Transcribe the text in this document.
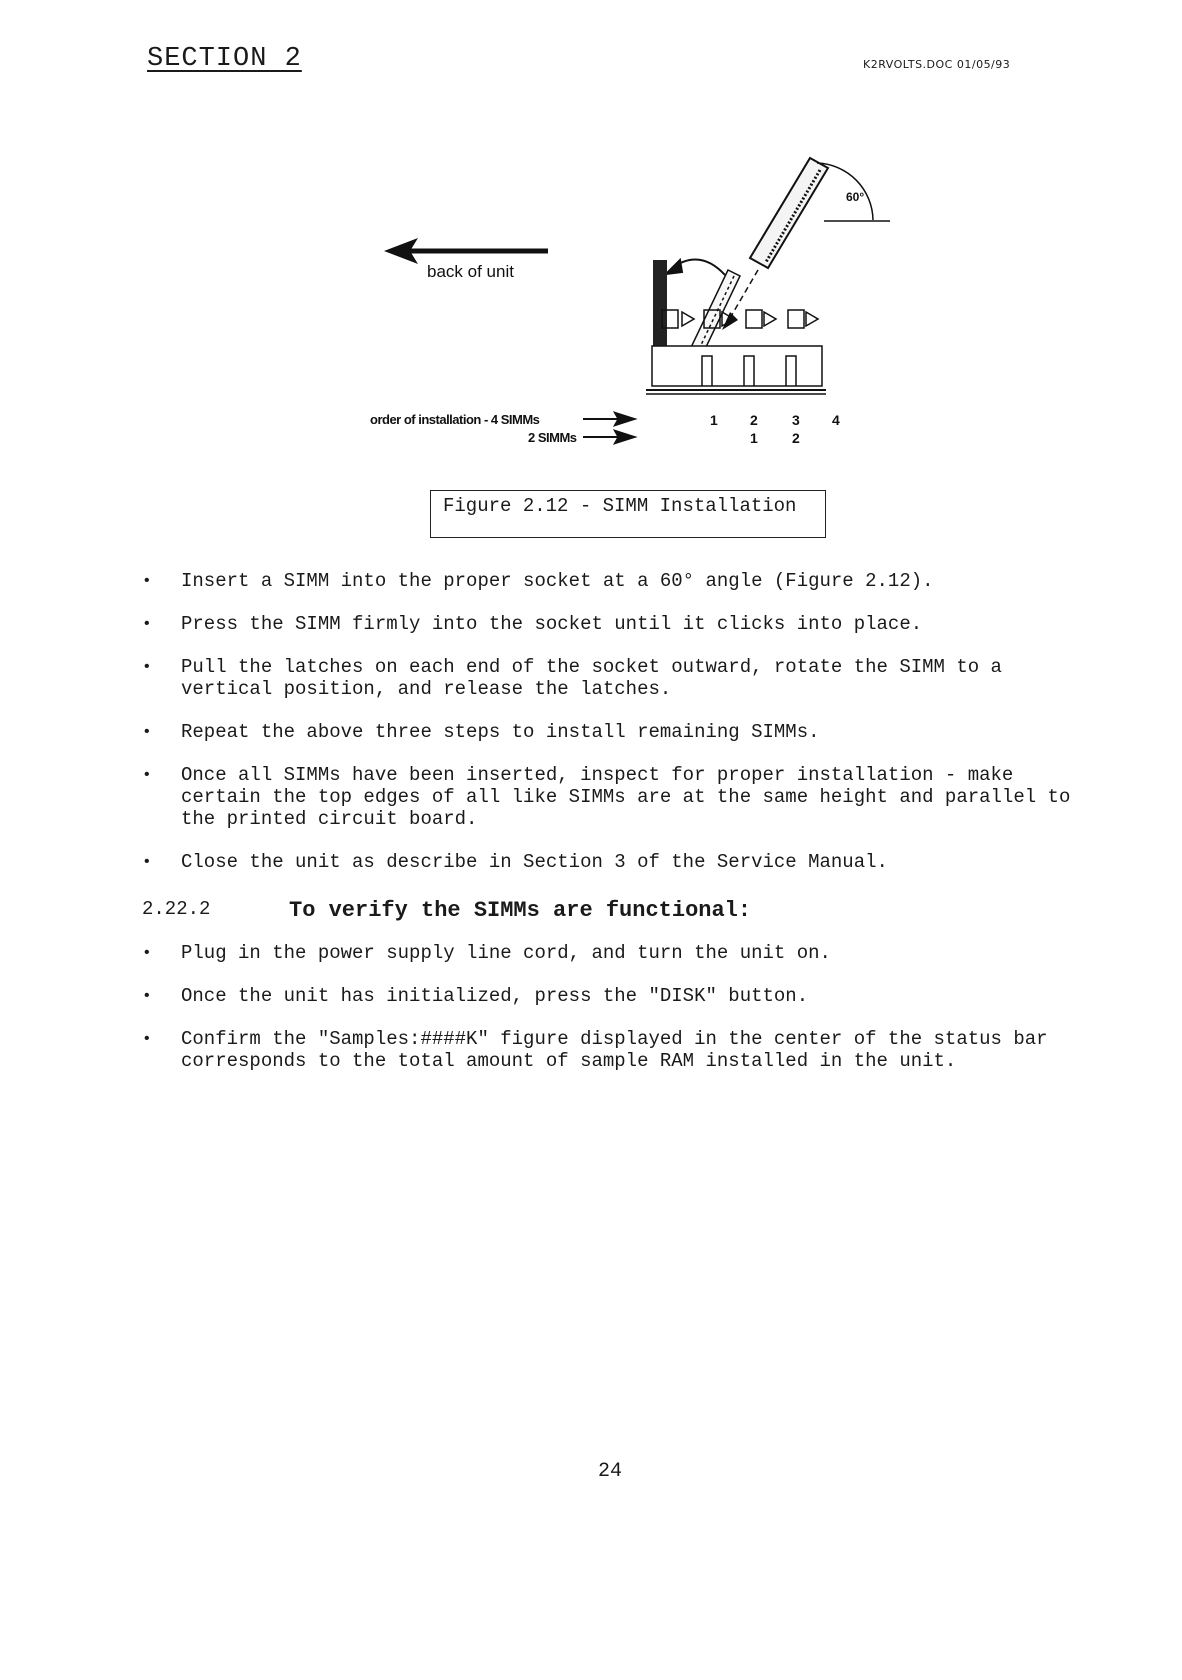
SECTION 2	K2RVOLTS.DOC 01/05/93
back of unit
60°
order of installation - 4 SIMMs
2 SIMMs
1 2 3 4
1 2
Figure 2.12 - SIMM Installation
• Insert a SIMM into the proper socket at a 60° angle (Figure 2.12).
• Press the SIMM firmly into the socket until it clicks into place.
• Pull the latches on each end of the socket outward, rotate the SIMM to a vertical position, and release the latches.
• Repeat the above three steps to install remaining SIMMs.
• Once all SIMMs have been inserted, inspect for proper installation - make certain the top edges of all like SIMMs are at the same height and parallel to the printed circuit board.
• Close the unit as describe in Section 3 of the Service Manual.
2.22.2	To verify the SIMMs are functional:
• Plug in the power supply line cord, and turn the unit on.
• Once the unit has initialized, press the "DISK" button.
• Confirm the "Samples:####K" figure displayed in the center of the status bar corresponds to the total amount of sample RAM installed in the unit.
24
